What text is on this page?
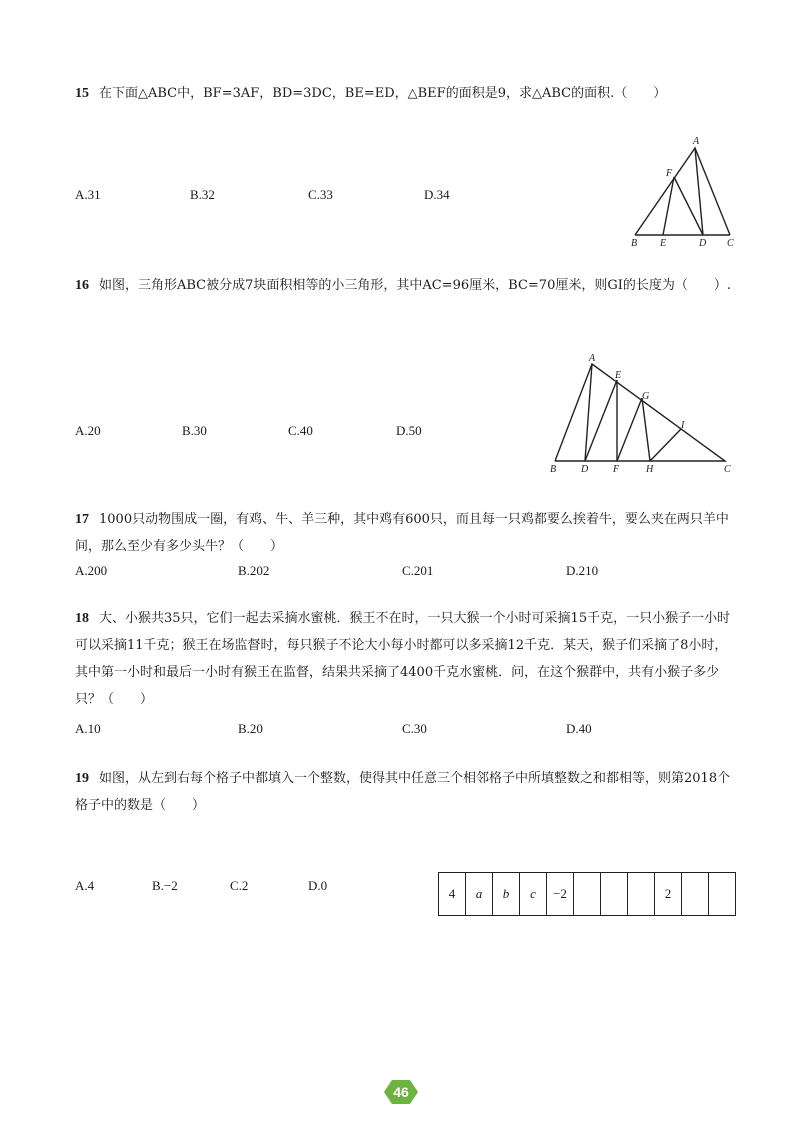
15 在下面△ABC中，BF=3AF，BD=3DC，BE=ED，△BEF的面积是9，求△ABC的面积.（　　）
A.31	B.32	C.33	D.34
A
F
B E	D C
16 如图，三角形ABC被分成7块面积相等的小三角形，其中AC=96厘米，BC=70厘米，则GI的长度为（　　）.
A.20	B.30	C.40	D.50
A
E
G
I
B D F	H	C
17 1000只动物围成一圈，有鸡、牛、羊三种，其中鸡有600只，而且每一只鸡都要么挨着牛，要么夹在两只羊中间，那么至少有多少头牛？（　　）
A.200	B.202	C.201	D.210
18 大、小猴共35只，它们一起去采摘水蜜桃．猴王不在时，一只大猴一个小时可采摘15千克，一只小猴子一小时可以采摘11千克；猴王在场监督时，每只猴子不论大小每小时都可以多采摘12千克．某天，猴子们采摘了8小时，其中第一小时和最后一小时有猴王在监督，结果共采摘了4400千克水蜜桃．问，在这个猴群中，共有小猴子多少只？（　　）
A.10	B.20	C.30	D.40
19 如图，从左到右每个格子中都填入一个整数，使得其中任意三个相邻格子中所填整数之和都相等，则第2018个格子中的数是（　　）
A.4	B.−2	C.2	D.0
4	a	b	c	−2	2
46
